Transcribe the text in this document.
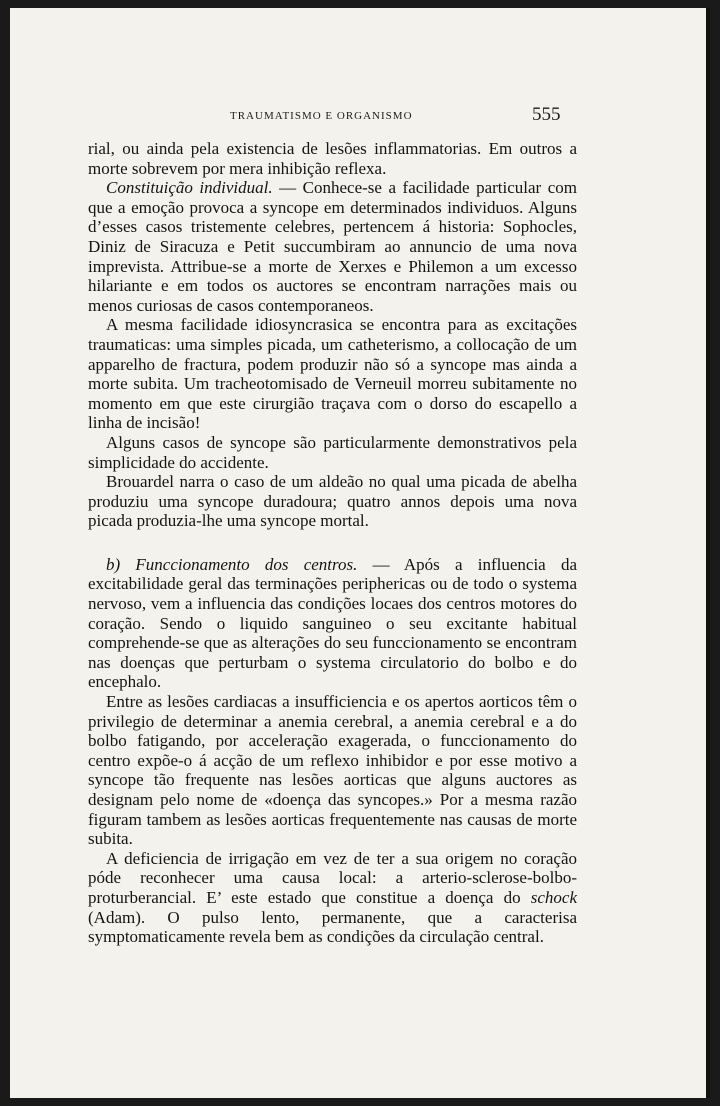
TRAUMATISMO E ORGANISMO	555

rial, ou ainda pela existencia de lesões inflammatorias. Em outros a morte sobrevem por mera inhibição reflexa.

Constituição individual. — Conhece-se a facilidade particular com que a emoção provoca a syncope em determinados individuos. Alguns d’esses casos tristemente celebres, pertencem á historia: Sophocles, Diniz de Siracuza e Petit succumbiram ao annuncio de uma nova imprevista. Attribue-se a morte de Xerxes e Philemon a um excesso hilariante e em todos os auctores se encontram narrações mais ou menos curiosas de casos contemporaneos.

A mesma facilidade idiosyncrasica se encontra para as excitações traumaticas: uma simples picada, um catheterismo, a collocação de um apparelho de fractura, podem produzir não só a syncope mas ainda a morte subita. Um tracheotomisado de Verneuil morreu subitamente no momento em que este cirurgião traçava com o dorso do escapello a linha de incisão!

Alguns casos de syncope são particularmente demonstrativos pela simplicidade do accidente.

Brouardel narra o caso de um aldeão no qual uma picada de abelha produziu uma syncope duradoura; quatro annos depois uma nova picada produzia-lhe uma syncope mortal.

b) Funccionamento dos centros. — Após a influencia da excitabilidade geral das terminações periphericas ou de todo o systema nervoso, vem a influencia das condições locaes dos centros motores do coração. Sendo o liquido sanguineo o seu excitante habitual comprehende-se que as alterações do seu funccionamento se encontram nas doenças que perturbam o systema circulatorio do bolbo e do encephalo.

Entre as lesões cardiacas a insufficiencia e os apertos aorticos têm o privilegio de determinar a anemia cerebral, a anemia cerebral e a do bolbo fatigando, por acceleração exagerada, o funccionamento do centro expõe-o á acção de um reflexo inhibidor e por esse motivo a syncope tão frequente nas lesões aorticas que alguns auctores as designam pelo nome de «doença das syncopes.» Por a mesma razão figuram tambem as lesões aorticas frequentemente nas causas de morte subita.

A deficiencia de irrigação em vez de ter a sua origem no coração póde reconhecer uma causa local: a arterio-sclerose-bolbo-proturberancial. E’ este estado que constitue a doença do schock (Adam). O pulso lento, permanente, que a caracterisa symptomaticamente revela bem as condições da circulação central.
